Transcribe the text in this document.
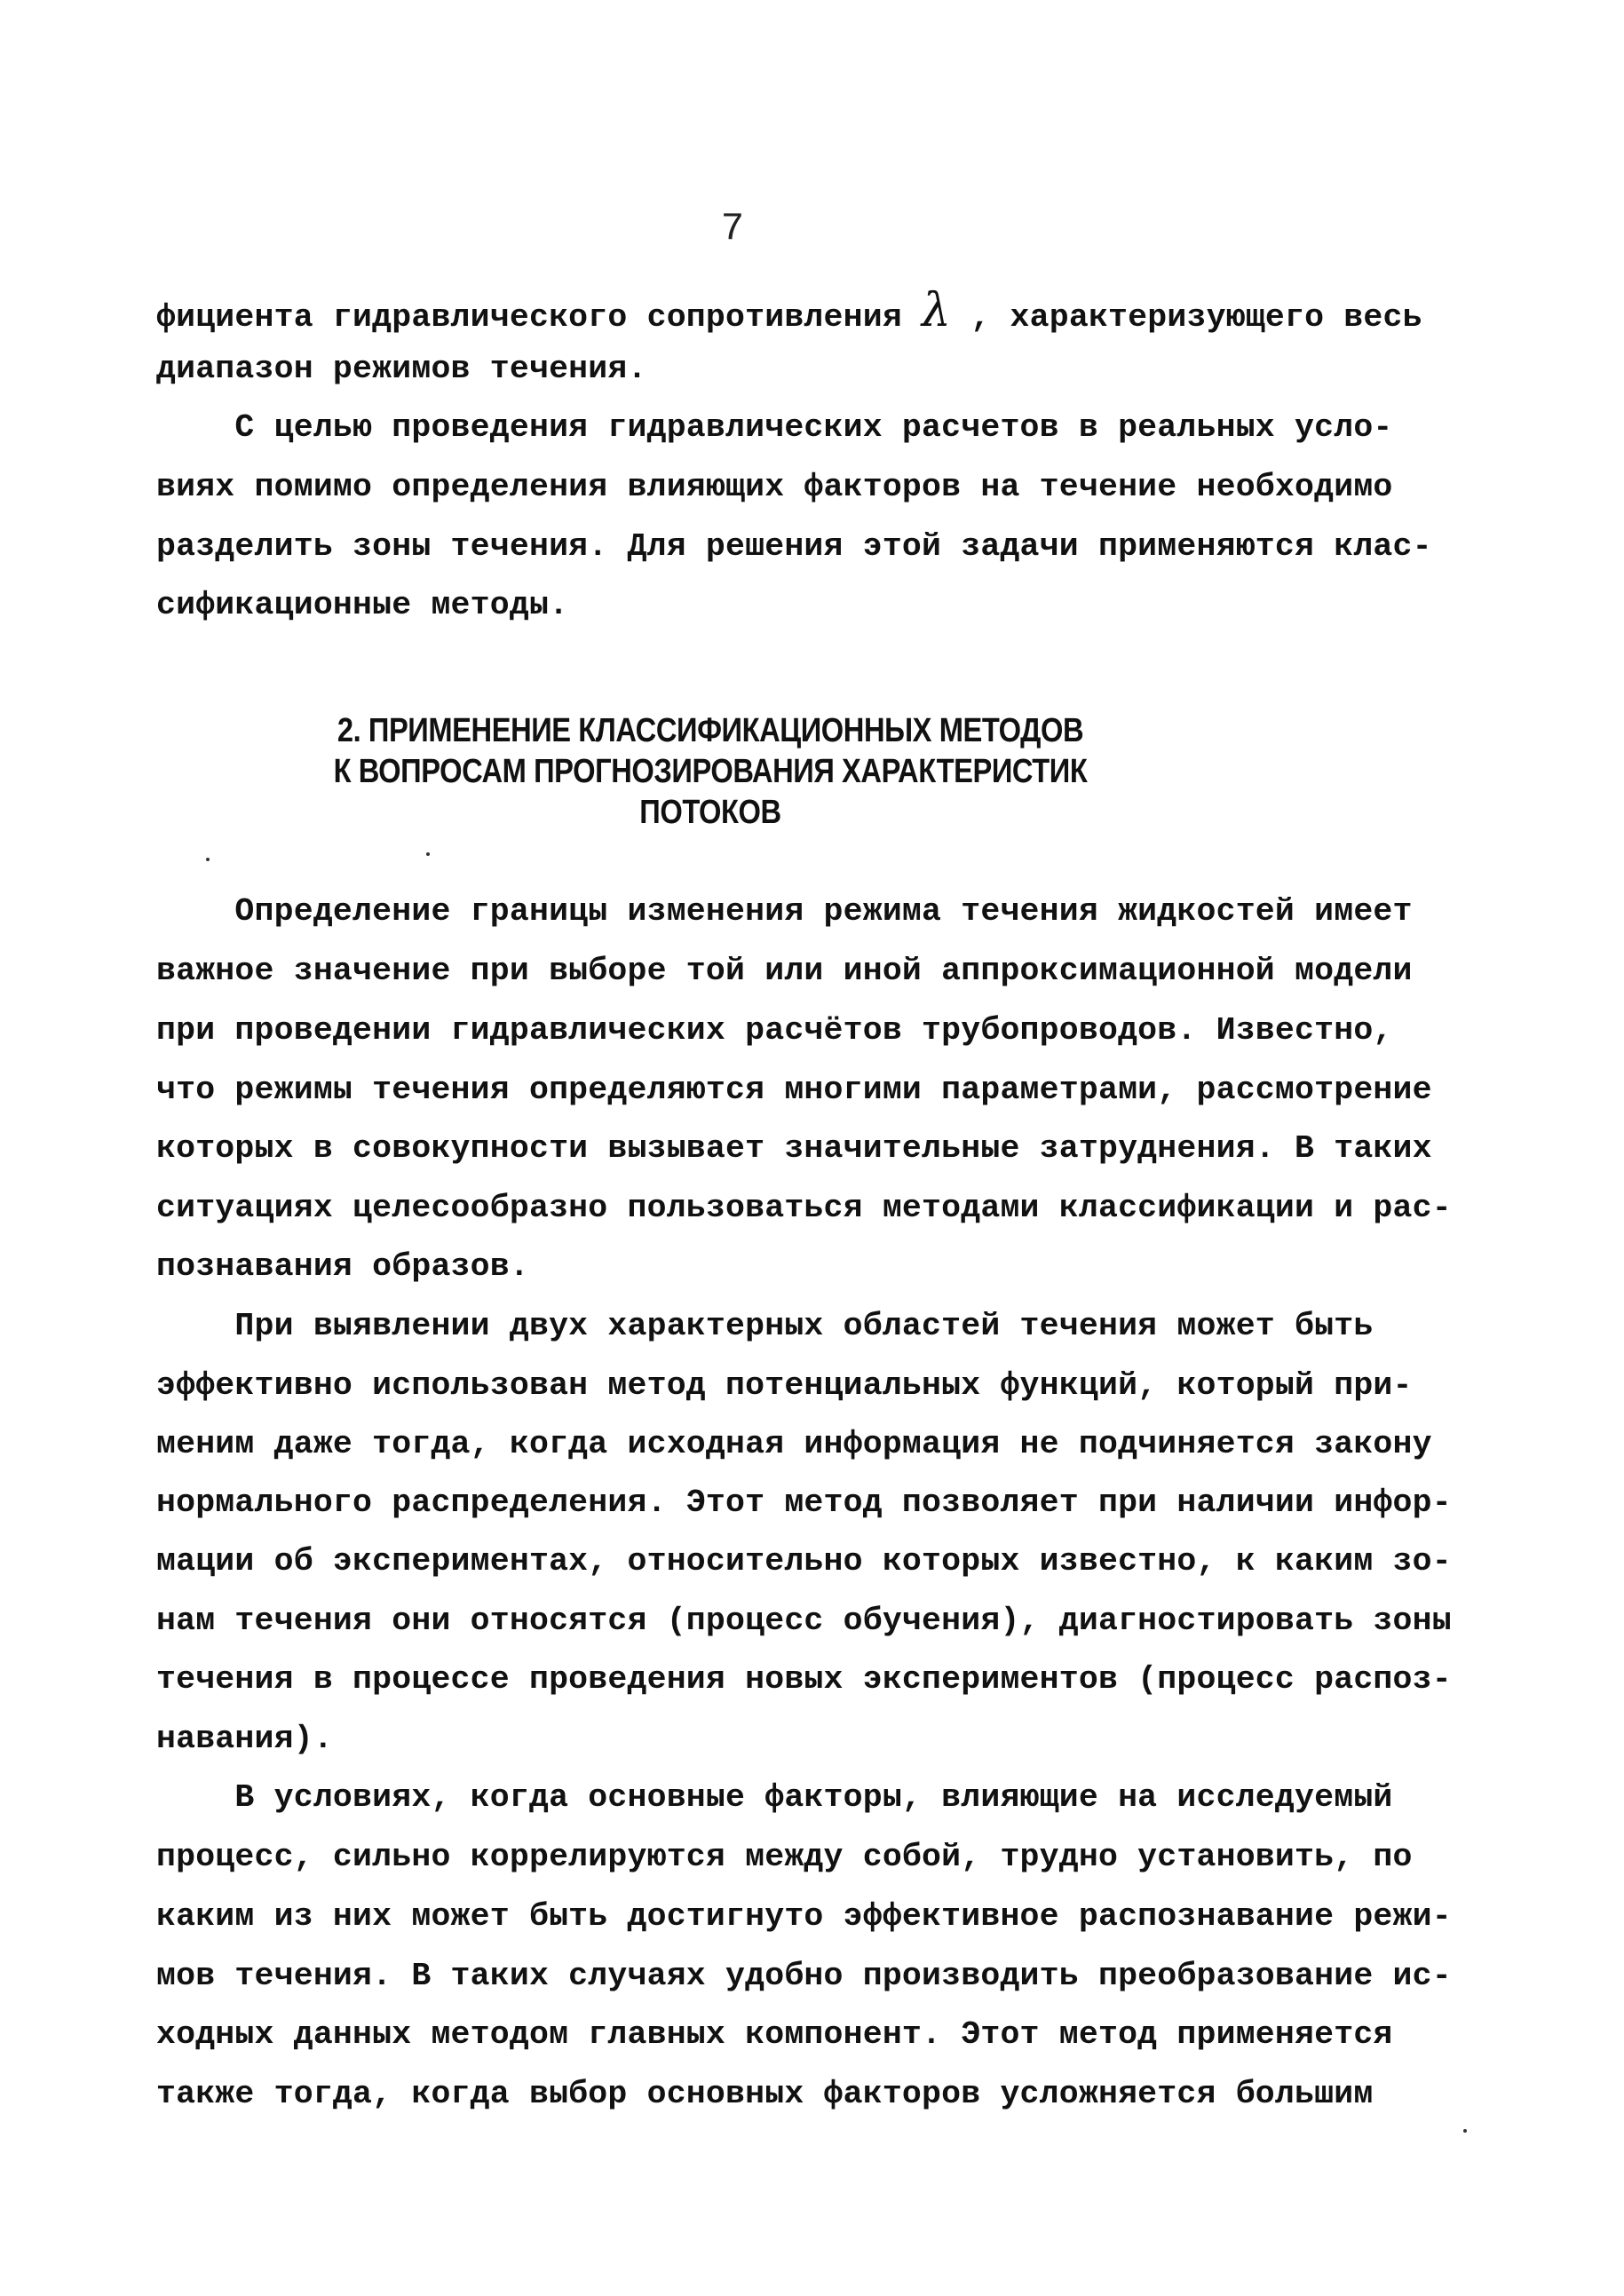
7
фициента гидравлического сопротивления λ , характеризующего весь
диапазон режимов течения.
С целью проведения гидравлических расчетов в реальных усло-
виях помимо определения влияющих факторов на течение необходимо
разделить зоны течения. Для решения этой задачи применяются клас-
сификационные методы.
2. ПРИМЕНЕНИЕ КЛАССИФИКАЦИОННЫХ МЕТОДОВ
К ВОПРОСАМ ПРОГНОЗИРОВАНИЯ ХАРАКТЕРИСТИК
ПОТОКОВ
Определение границы изменения режима течения жидкостей имеет
важное значение при выборе той или иной аппроксимационной модели
при проведении гидравлических расчётов трубопроводов. Известно,
что режимы течения определяются многими параметрами, рассмотрение
которых в совокупности вызывает значительные затруднения. В таких
ситуациях целесообразно пользоваться методами классификации и рас-
познавания образов.
При выявлении двух характерных областей течения может быть
эффективно использован метод потенциальных функций, который при-
меним даже тогда, когда исходная информация не подчиняется закону
нормального распределения. Этот метод позволяет при наличии инфор-
мации об экспериментах, относительно которых известно, к каким зо-
нам течения они относятся (процесс обучения), диагностировать зоны
течения в процессе проведения новых экспериментов (процесс распоз-
навания).
В условиях, когда основные факторы, влияющие на исследуемый
процесс, сильно коррелируются между собой, трудно установить, по
каким из них может быть достигнуто эффективное распознавание режи-
мов течения. В таких случаях удобно производить преобразование ис-
ходных данных методом главных компонент. Этот метод применяется
также тогда, когда выбор основных факторов усложняется большим
